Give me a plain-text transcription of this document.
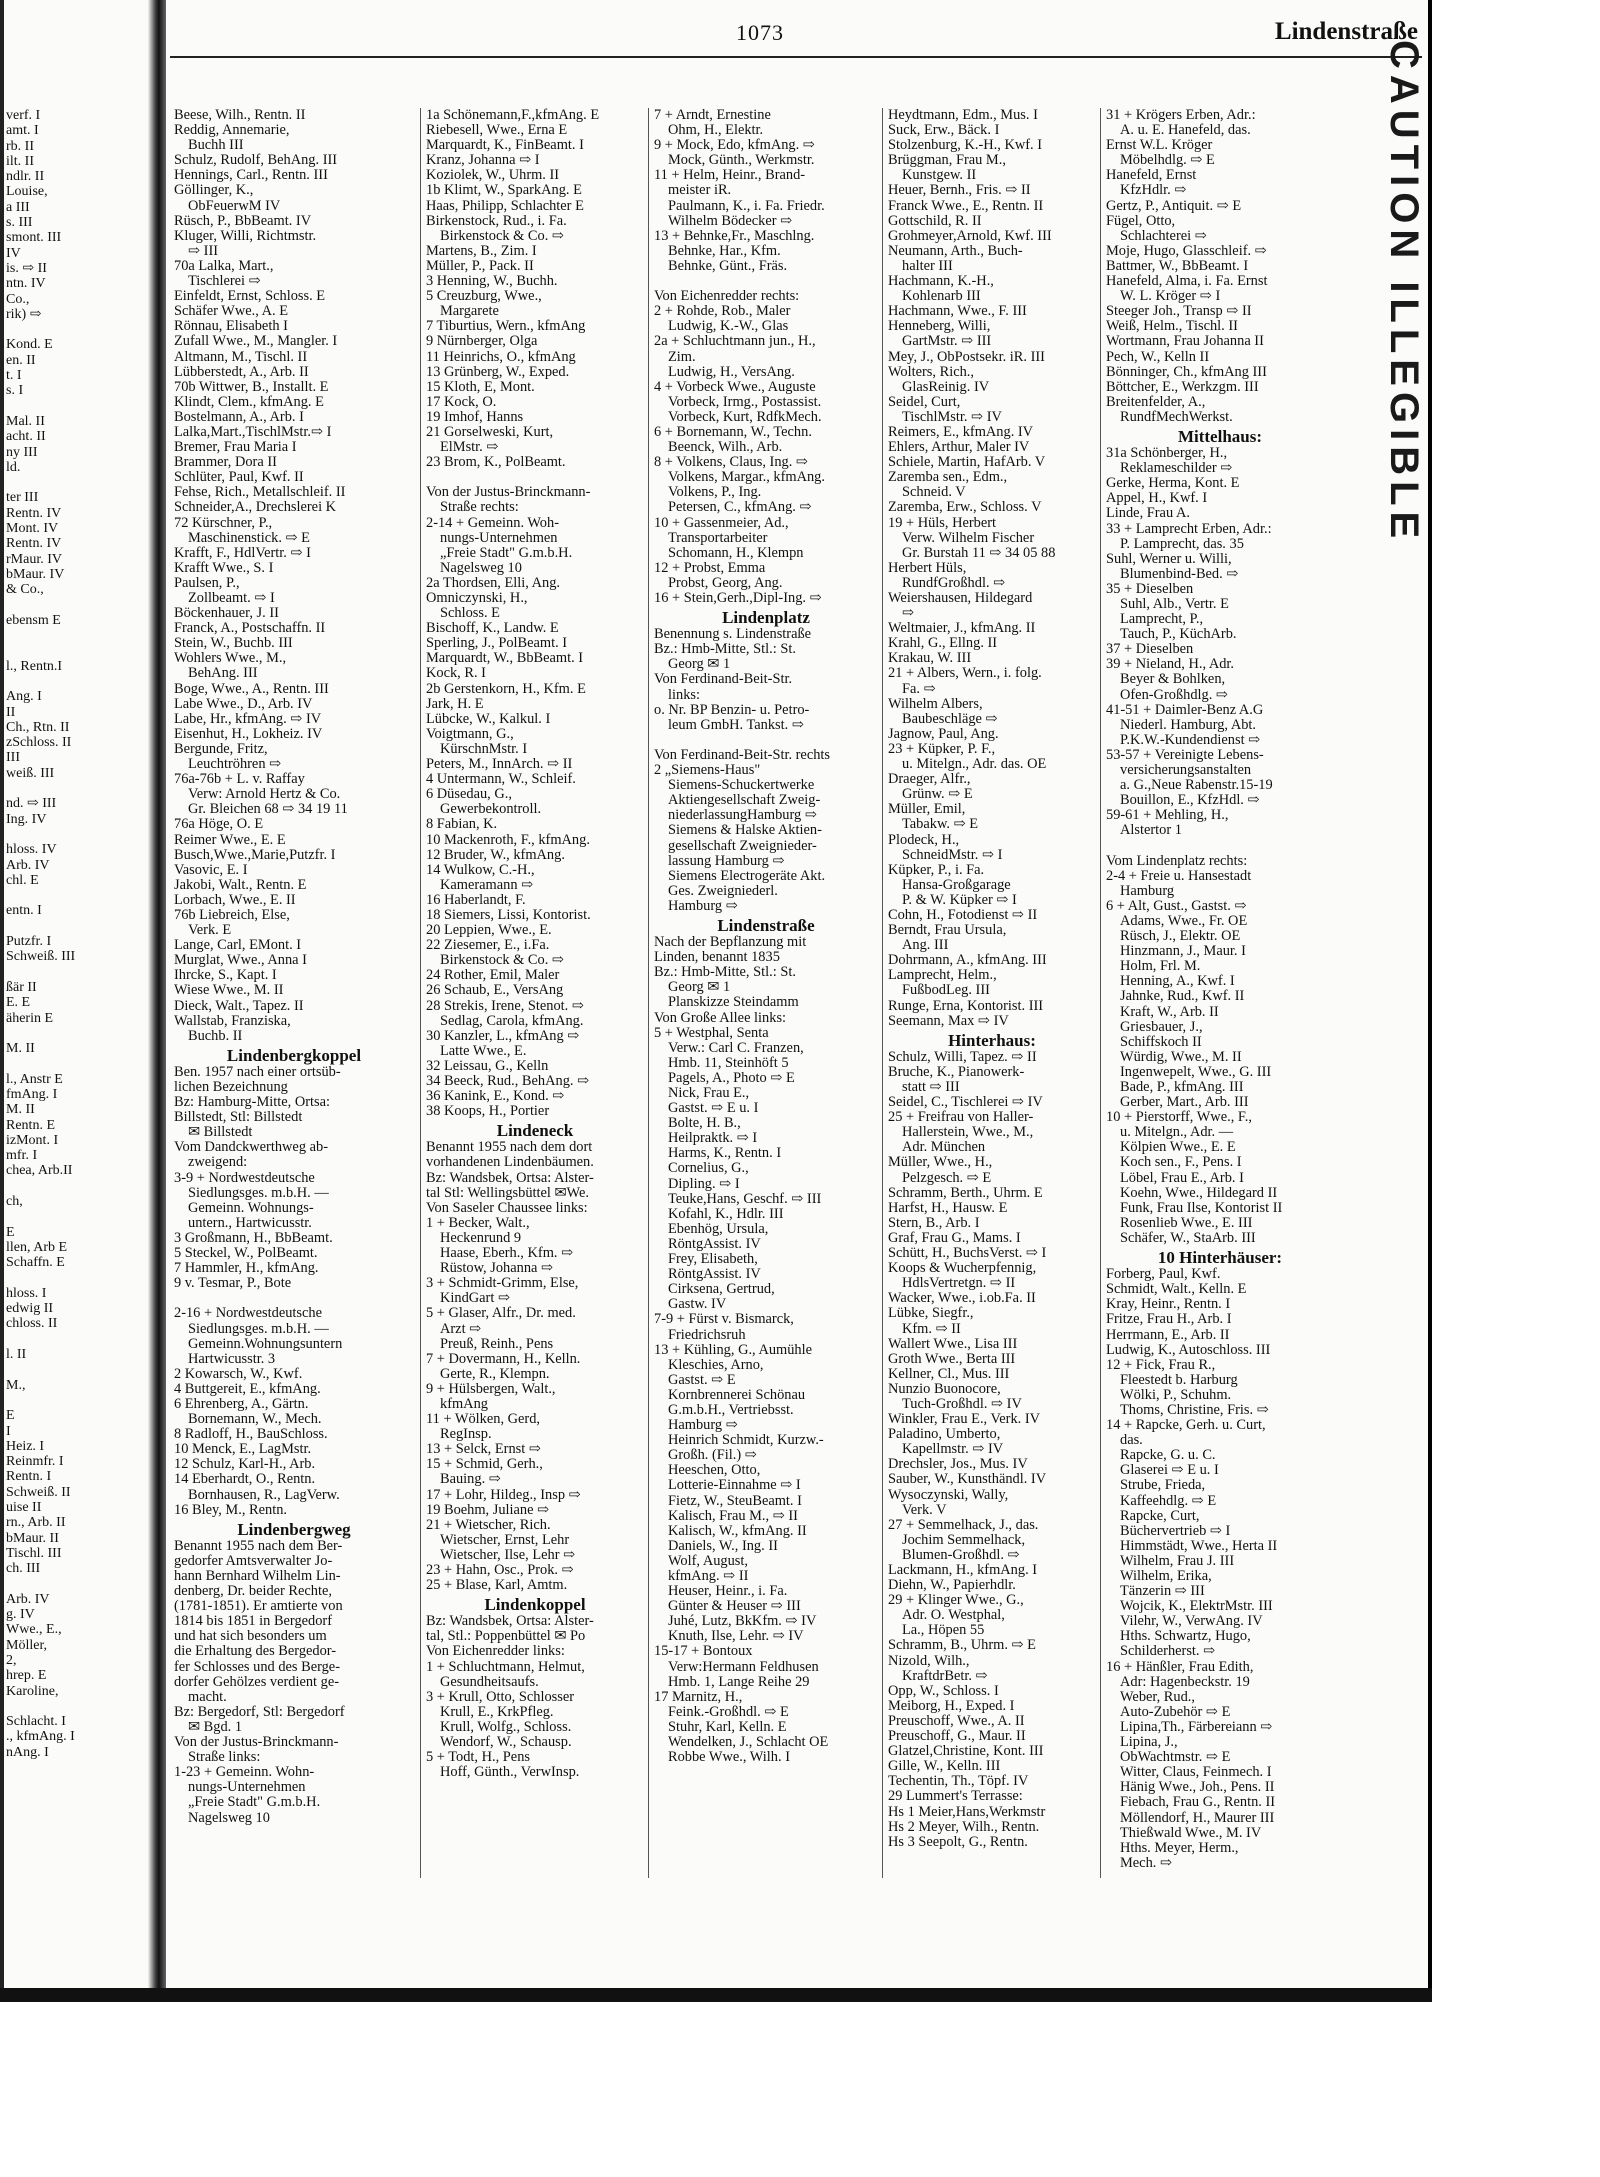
verf. I
amt. I
rb. II
ilt. II
ndlr. II
Louise,
a III
s. III
smont. III
IV
is. ⇨ II
ntn. IV
Co.,
rik) ⇨

Kond. E
en. II
t. I
s. I

Mal. II
acht. II
ny III
ld.

ter III
Rentn. IV
Mont. IV
Rentn. IV
rMaur. IV
bMaur. IV
& Co.,

ebensm E

l., Rentn.I

Ang. I
II
Ch., Rtn. II
zSchloss. II
III
weiß. III

nd. ⇨ III
Ing. IV

hloss. IV
Arb. IV
chl. E

entn. I

Putzfr. I
Schweiß. III

ßär II
E. E
äherin E

M. II

l., Anstr E
fmAng. I
M. II
Rentn. E
izMont. I
mfr. I
chea, Arb.II

ch,

E
llen, Arb E
Schaffn. E

hloss. I
edwig II
chloss. II

l. II

M.,

E
I
Heiz. I
Reinmfr. I
Rentn. I
Schweiß. II
uise II
rn., Arb. II
bMaur. II
Tischl. III
ch. III

Arb. IV
g. IV
Wwe., E.,
Möller,
2,
hrep. E
Karoline,

Schlacht. I
., kfmAng. I
nAng. I
1073	Lindenstraße
Beese, Wilh., Rentn. II
Reddig, Annemarie,
Buchh III
Schulz, Rudolf, BehAng. III
Hennings, Carl., Rentn. III
Göllinger, K.,
ObFeuerwM IV
Rüsch, P., BbBeamt. IV
Kluger, Willi, Richtmstr.
⇨ III
70a Lalka, Mart.,
Tischlerei ⇨
Einfeldt, Ernst, Schloss. E
Schäfer Wwe., A. E
Rönnau, Elisabeth I
Zufall Wwe., M., Mangler. I
Altmann, M., Tischl. II
Lübberstedt, A., Arb. II
70b Wittwer, B., Installt. E
Klindt, Clem., kfmAng. E
Bostelmann, A., Arb. I
Lalka,Mart.,TischlMstr.⇨ I
Bremer, Frau Maria I
Brammer, Dora II
Schlüter, Paul, Kwf. II
Fehse, Rich., Metallschleif. II
Schneider,A., Drechslerei K
72 Kürschner, P.,
Maschinenstick. ⇨ E
Krafft, F., HdlVertr. ⇨ I
Krafft Wwe., S. I
Paulsen, P.,
Zollbeamt. ⇨ I
Böckenhauer, J. II
Franck, A., Postschaffn. II
Stein, W., Buchb. III
Wohlers Wwe., M.,
BehAng. III
Boge, Wwe., A., Rentn. III
Labe Wwe., D., Arb. IV
Labe, Hr., kfmAng. ⇨ IV
Eisenhut, H., Lokheiz. IV
Bergunde, Fritz,
Leuchtröhren ⇨
76a-76b + L. v. Raffay
Verw: Arnold Hertz & Co.
Gr. Bleichen 68 ⇨ 34 19 11
76a Höge, O. E
Reimer Wwe., E. E
Busch,Wwe.,Marie,Putzfr. I
Vasovic, E. I
Jakobi, Walt., Rentn. E
Lorbach, Wwe., E. II
76b Liebreich, Else,
Verk. E
Lange, Carl, EMont. I
Murglat, Wwe., Anna I
Ihrcke, S., Kapt. I
Wiese Wwe., M. II
Dieck, Walt., Tapez. II
Wallstab, Franziska,
Buchb. II
Lindenbergkoppel
Ben. 1957 nach einer ortsüb-
lichen Bezeichnung
Bz: Hamburg-Mitte, Ortsa:
Billstedt, Stl: Billstedt
✉ Billstedt
Vom Dandckwerthweg ab-
zweigend:
3-9 + Nordwestdeutsche
Siedlungsges. m.b.H. —
Gemeinn. Wohnungs-
untern., Hartwicusstr.
3 Großmann, H., BbBeamt.
5 Steckel, W., PolBeamt.
7 Hammler, H., kfmAng.
9 v. Tesmar, P., Bote

2-16 + Nordwestdeutsche
Siedlungsges. m.b.H. —
Gemeinn.Wohnungsuntern
Hartwicusstr. 3
2 Kowarsch, W., Kwf.
4 Buttgereit, E., kfmAng.
6 Ehrenberg, A., Gärtn.
Bornemann, W., Mech.
8 Radloff, H., BauSchloss.
10 Menck, E., LagMstr.
12 Schulz, Karl-H., Arb.
14 Eberhardt, O., Rentn.
Bornhausen, R., LagVerw.
16 Bley, M., Rentn.
Lindenbergweg
Benannt 1955 nach dem Ber-
gedorfer Amtsverwalter Jo-
hann Bernhard Wilhelm Lin-
denberg, Dr. beider Rechte,
(1781-1851). Er amtierte von
1814 bis 1851 in Bergedorf
und hat sich besonders um
die Erhaltung des Bergedor-
fer Schlosses und des Berge-
dorfer Gehölzes verdient ge-
macht.
Bz: Bergedorf, Stl: Bergedorf
✉ Bgd. 1
Von der Justus-Brinckmann-
Straße links:
1-23 + Gemeinn. Wohn-
nungs-Unternehmen
„Freie Stadt" G.m.b.H.
Nagelsweg 10
1a Schönemann,F.,kfmAng. E
Riebesell, Wwe., Erna E
Marquardt, K., FinBeamt. I
Kranz, Johanna ⇨ I
Koziolek, W., Uhrm. II
1b Klimt, W., SparkAng. E
Haas, Philipp, Schlachter E
Birkenstock, Rud., i. Fa.
Birkenstock & Co. ⇨
Martens, B., Zim. I
Müller, P., Pack. II
3 Henning, W., Buchh.
5 Creuzburg, Wwe.,
Margarete
7 Tiburtius, Wern., kfmAng
9 Nürnberger, Olga
11 Heinrichs, O., kfmAng
13 Grünberg, W., Exped.
15 Kloth, E, Mont.
17 Kock, O.
19 Imhof, Hanns
21 Gorselweski, Kurt,
ElMstr. ⇨
23 Brom, K., PolBeamt.

Von der Justus-Brinckmann-
Straße rechts:
2-14 + Gemeinn. Woh-
nungs-Unternehmen
„Freie Stadt" G.m.b.H.
Nagelsweg 10
2a Thordsen, Elli, Ang.
Omniczynski, H.,
Schloss. E
Bischoff, K., Landw. E
Sperling, J., PolBeamt. I
Marquardt, W., BbBeamt. I
Kock, R. I
2b Gerstenkorn, H., Kfm. E
Jark, H. E
Lübcke, W., Kalkul. I
Voigtmann, G.,
KürschnMstr. I
Peters, M., InnArch. ⇨ II
4 Untermann, W., Schleif.
6 Düsedau, G.,
Gewerbekontroll.
8 Fabian, K.
10 Mackenroth, F., kfmAng.
12 Bruder, W., kfmAng.
14 Wulkow, C.-H.,
Kameramann ⇨
16 Haberlandt, F.
18 Siemers, Lissi, Kontorist.
20 Leppien, Wwe., E.
22 Ziesemer, E., i.Fa.
Birkenstock & Co. ⇨
24 Rother, Emil, Maler
26 Schaub, E., VersAng
28 Strekis, Irene, Stenot. ⇨
Sedlag, Carola, kfmAng.
30 Kanzler, L., kfmAng ⇨
Latte Wwe., E.
32 Leissau, G., Kelln
34 Beeck, Rud., BehAng. ⇨
36 Kanink, E., Kond. ⇨
38 Koops, H., Portier
Lindeneck
Benannt 1955 nach dem dort
vorhandenen Lindenbäumen.
Bz: Wandsbek, Ortsa: Alster-
tal Stl: Wellingsbüttel ✉We.
Von Saseler Chaussee links:
1 + Becker, Walt.,
Heckenrund 9
Haase, Eberh., Kfm. ⇨
Rüstow, Johanna ⇨
3 + Schmidt-Grimm, Else,
KindGart ⇨
5 + Glaser, Alfr., Dr. med.
Arzt ⇨
Preuß, Reinh., Pens
7 + Dovermann, H., Kelln.
Gerte, R., Klempn.
9 + Hülsbergen, Walt.,
kfmAng
11 + Wölken, Gerd,
RegInsp.
13 + Selck, Ernst ⇨
15 + Schmid, Gerh.,
Bauing. ⇨
17 + Lohr, Hildeg., Insp ⇨
19 Boehm, Juliane ⇨
21 + Wietscher, Rich.
Wietscher, Ernst, Lehr
Wietscher, Ilse, Lehr ⇨
23 + Hahn, Osc., Prok. ⇨
25 + Blase, Karl, Amtm.
Lindenkoppel
Bz: Wandsbek, Ortsa: Alster-
tal, Stl.: Poppenbüttel ✉ Po
Von Eichenredder links:
1 + Schluchtmann, Helmut,
Gesundheitsaufs.
3 + Krull, Otto, Schlosser
Krull, E., KrkPfleg.
Krull, Wolfg., Schloss.
Wendorf, W., Schausp.
5 + Todt, H., Pens
Hoff, Günth., VerwInsp.
7 + Arndt, Ernestine
Ohm, H., Elektr.
9 + Mock, Edo, kfmAng. ⇨
Mock, Günth., Werkmstr.
11 + Helm, Heinr., Brand-
meister iR.
Paulmann, K., i. Fa. Friedr.
Wilhelm Bödecker ⇨
13 + Behnke,Fr., Maschlng.
Behnke, Har., Kfm.
Behnke, Günt., Fräs.

Von Eichenredder rechts:
2 + Rohde, Rob., Maler
Ludwig, K.-W., Glas
2a + Schluchtmann jun., H.,
Zim.
Ludwig, H., VersAng.
4 + Vorbeck Wwe., Auguste
Vorbeck, Irmg., Postassist.
Vorbeck, Kurt, RdfkMech.
6 + Bornemann, W., Techn.
Beenck, Wilh., Arb.
8 + Volkens, Claus, Ing. ⇨
Volkens, Margar., kfmAng.
Volkens, P., Ing.
Petersen, C., kfmAng. ⇨
10 + Gassenmeier, Ad.,
Transportarbeiter
Schomann, H., Klempn
12 + Probst, Emma
Probst, Georg, Ang.
16 + Stein,Gerh.,Dipl-Ing. ⇨
Lindenplatz
Benennung s. Lindenstraße
Bz.: Hmb-Mitte, Stl.: St.
Georg ✉ 1
Von Ferdinand-Beit-Str.
links:
o. Nr. BP Benzin- u. Petro-
leum GmbH. Tankst. ⇨

Von Ferdinand-Beit-Str. rechts
2 „Siemens-Haus"
Siemens-Schuckertwerke
Aktiengesellschaft Zweig-
niederlassungHamburg ⇨
Siemens & Halske Aktien-
gesellschaft Zweignieder-
lassung Hamburg ⇨
Siemens Electrogeräte Akt.
Ges. Zweigniederl.
Hamburg ⇨
Lindenstraße
Nach der Bepflanzung mit
Linden, benannt 1835
Bz.: Hmb-Mitte, Stl.: St.
Georg ✉ 1
Planskizze Steindamm
Von Große Allee links:
5 + Westphal, Senta
Verw.: Carl C. Franzen,
Hmb. 11, Steinhöft 5
Pagels, A., Photo ⇨ E
Nick, Frau E.,
Gastst. ⇨ E u. I
Bolte, H. B.,
Heilpraktk. ⇨ I
Harms, K., Rentn. I
Cornelius, G.,
Dipling. ⇨ I
Teuke,Hans, Geschf. ⇨ III
Kofahl, K., Hdlr. III
Ebenhög, Ursula,
RöntgAssist. IV
Frey, Elisabeth,
RöntgAssist. IV
Cirksena, Gertrud,
Gastw. IV
7-9 + Fürst v. Bismarck,
Friedrichsruh
13 + Kühling, G., Aumühle
Kleschies, Arno,
Gastst. ⇨ E
Kornbrennerei Schönau
G.m.b.H., Vertriebsst.
Hamburg ⇨
Heinrich Schmidt, Kurzw.-
Großh. (Fil.) ⇨
Heeschen, Otto,
Lotterie-Einnahme ⇨ I
Fietz, W., SteuBeamt. I
Kalisch, Frau M., ⇨ II
Kalisch, W., kfmAng. II
Daniels, W., Ing. II
Wolf, August,
kfmAng. ⇨ II
Heuser, Heinr., i. Fa.
Günter & Heuser ⇨ III
Juhé, Lutz, BkKfm. ⇨ IV
Knuth, Ilse, Lehr. ⇨ IV
15-17 + Bontoux
Verw:Hermann Feldhusen
Hmb. 1, Lange Reihe 29
17 Marnitz, H.,
Feink.-Großhdl. ⇨ E
Stuhr, Karl, Kelln. E
Wendelken, J., Schlacht OE
Robbe Wwe., Wilh. I
Heydtmann, Edm., Mus. I
Suck, Erw., Bäck. I
Stolzenburg, K.-H., Kwf. I
Brüggman, Frau M.,
Kunstgew. II
Heuer, Bernh., Fris. ⇨ II
Franck Wwe., E., Rentn. II
Gottschild, R. II
Grohmeyer,Arnold, Kwf. III
Neumann, Arth., Buch-
halter III
Hachmann, K.-H.,
Kohlenarb III
Hachmann, Wwe., F. III
Henneberg, Willi,
GartMstr. ⇨ III
Mey, J., ObPostsekr. iR. III
Wolters, Rich.,
GlasReinig. IV
Seidel, Curt,
TischlMstr. ⇨ IV
Reimers, E., kfmAng. IV
Ehlers, Arthur, Maler IV
Schiele, Martin, HafArb. V
Zaremba sen., Edm.,
Schneid. V
Zaremba, Erw., Schloss. V
19 + Hüls, Herbert
Verw. Wilhelm Fischer
Gr. Burstah 11 ⇨ 34 05 88
Herbert Hüls,
RundfGroßhdl. ⇨
Weiershausen, Hildegard
⇨
Weltmaier, J., kfmAng. II
Krahl, G., Ellng. II
Krakau, W. III
21 + Albers, Wern., i. folg.
Fa. ⇨
Wilhelm Albers,
Baubeschläge ⇨
Jagnow, Paul, Ang.
23 + Küpker, P. F.,
u. Mitelgn., Adr. das. OE
Draeger, Alfr.,
Grünw. ⇨ E
Müller, Emil,
Tabakw. ⇨ E
Plodeck, H.,
SchneidMstr. ⇨ I
Küpker, P., i. Fa.
Hansa-Großgarage
P. & W. Küpker ⇨ I
Cohn, H., Fotodienst ⇨ II
Berndt, Frau Ursula,
Ang. III
Dohrmann, A., kfmAng. III
Lamprecht, Helm.,
FußbodLeg. III
Runge, Erna, Kontorist. III
Seemann, Max ⇨ IV
Hinterhaus:
Schulz, Willi, Tapez. ⇨ II
Bruche, K., Pianowerk-
statt ⇨ III
Seidel, C., Tischlerei ⇨ IV
25 + Freifrau von Haller-
Hallerstein, Wwe., M.,
Adr. München
Müller, Wwe., H.,
Pelzgesch. ⇨ E
Schramm, Berth., Uhrm. E
Harfst, H., Hausw. E
Stern, B., Arb. I
Graf, Frau G., Mams. I
Schütt, H., BuchsVerst. ⇨ I
Koops & Wucherpfennig,
HdlsVertretgn. ⇨ II
Wacker, Wwe., i.ob.Fa. II
Lübke, Siegfr.,
Kfm. ⇨ II
Wallert Wwe., Lisa III
Groth Wwe., Berta III
Kellner, Cl., Mus. III
Nunzio Buonocore,
Tuch-Großhdl. ⇨ IV
Winkler, Frau E., Verk. IV
Paladino, Umberto,
Kapellmstr. ⇨ IV
Drechsler, Jos., Mus. IV
Sauber, W., Kunsthändl. IV
Wysoczynski, Wally,
Verk. V
27 + Semmelhack, J., das.
Jochim Semmelhack,
Blumen-Großhdl. ⇨
Lackmann, H., kfmAng. I
Diehn, W., Papierhdlr.
29 + Klinger Wwe., G.,
Adr. O. Westphal,
La., Höpen 55
Schramm, B., Uhrm. ⇨ E
Nizold, Wilh.,
KraftdrBetr. ⇨
Opp, W., Schloss. I
Meiborg, H., Exped. I
Preuschoff, Wwe., A. II
Preuschoff, G., Maur. II
Glatzel,Christine, Kont. III
Gille, W., Kelln. III
Techentin, Th., Töpf. IV
29 Lummert's Terrasse:
Hs 1 Meier,Hans,Werkmstr
Hs 2 Meyer, Wilh., Rentn.
Hs 3 Seepolt, G., Rentn.
31 + Krögers Erben, Adr.:
A. u. E. Hanefeld, das.
Ernst W.L. Kröger
Möbelhdlg. ⇨ E
Hanefeld, Ernst
KfzHdlr. ⇨
Gertz, P., Antiquit. ⇨ E
Fügel, Otto,
Schlachterei ⇨
Moje, Hugo, Glasschleif. ⇨
Battmer, W., BbBeamt. I
Hanefeld, Alma, i. Fa. Ernst
W. L. Kröger ⇨ I
Steeger Joh., Transp ⇨ II
Weiß, Helm., Tischl. II
Wortmann, Frau Johanna II
Pech, W., Kelln II
Bönninger, Ch., kfmAng III
Böttcher, E., Werkzgm. III
Breitenfelder, A.,
RundfMechWerkst.
Mittelhaus:
31a Schönberger, H.,
Reklameschilder ⇨
Gerke, Herma, Kont. E
Appel, H., Kwf. I
Linde, Frau A.
33 + Lamprecht Erben, Adr.:
P. Lamprecht, das. 35
Suhl, Werner u. Willi,
Blumenbind-Bed. ⇨
35 + Dieselben
Suhl, Alb., Vertr. E
Lamprecht, P.,
Tauch, P., KüchArb.
37 + Dieselben
39 + Nieland, H., Adr.
Beyer & Bohlken,
Ofen-Großhdlg. ⇨
41-51 + Daimler-Benz A.G
Niederl. Hamburg, Abt.
P.K.W.-Kundendienst ⇨
53-57 + Vereinigte Lebens-
versicherungsanstalten
a. G.,Neue Rabenstr.15-19
Bouillon, E., KfzHdl. ⇨
59-61 + Mehling, H.,
Alstertor 1

Vom Lindenplatz rechts:
2-4 + Freie u. Hansestadt
Hamburg
6 + Alt, Gust., Gastst. ⇨
Adams, Wwe., Fr. OE
Rüsch, J., Elektr. OE
Hinzmann, J., Maur. I
Holm, Frl. M.
Henning, A., Kwf. I
Jahnke, Rud., Kwf. II
Kraft, W., Arb. II
Griesbauer, J.,
Schiffskoch II
Würdig, Wwe., M. II
Ingenwepelt, Wwe., G. III
Bade, P., kfmAng. III
Gerber, Mart., Arb. III
10 + Pierstorff, Wwe., F.,
u. Mitelgn., Adr. —
Kölpien Wwe., E. E
Koch sen., F., Pens. I
Löbel, Frau E., Arb. I
Koehn, Wwe., Hildegard II
Funk, Frau Ilse, Kontorist II
Rosenlieb Wwe., E. III
Schäfer, W., StaArb. III
10 Hinterhäuser:
Forberg, Paul, Kwf.
Schmidt, Walt., Kelln. E
Kray, Heinr., Rentn. I
Fritze, Frau H., Arb. I
Herrmann, E., Arb. II
Ludwig, K., Autoschloss. III
12 + Fick, Frau R.,
Fleestedt b. Harburg
Wölki, P., Schuhm.
Thoms, Christine, Fris. ⇨
14 + Rapcke, Gerh. u. Curt,
das.
Rapcke, G. u. C.
Glaserei ⇨ E u. I
Strube, Frieda,
Kaffeehdlg. ⇨ E
Rapcke, Curt,
Büchervertrieb ⇨ I
Himmstädt, Wwe., Herta II
Wilhelm, Frau J. III
Wilhelm, Erika,
Tänzerin ⇨ III
Wojcik, K., ElektrMstr. III
Vilehr, W., VerwAng. IV
Hths. Schwartz, Hugo,
Schilderherst. ⇨
16 + Hänßler, Frau Edith,
Adr: Hagenbeckstr. 19
Weber, Rud.,
Auto-Zubehör ⇨ E
Lipina,Th., Färbereiann ⇨
Lipina, J.,
ObWachtmstr. ⇨ E
Witter, Claus, Feinmech. I
Hänig Wwe., Joh., Pens. II
Fiebach, Frau G., Rentn. II
Möllendorf, H., Maurer III
Thießwald Wwe., M. IV
Hths. Meyer, Herm.,
Mech. ⇨
CAUTION ILLEGIBLE
